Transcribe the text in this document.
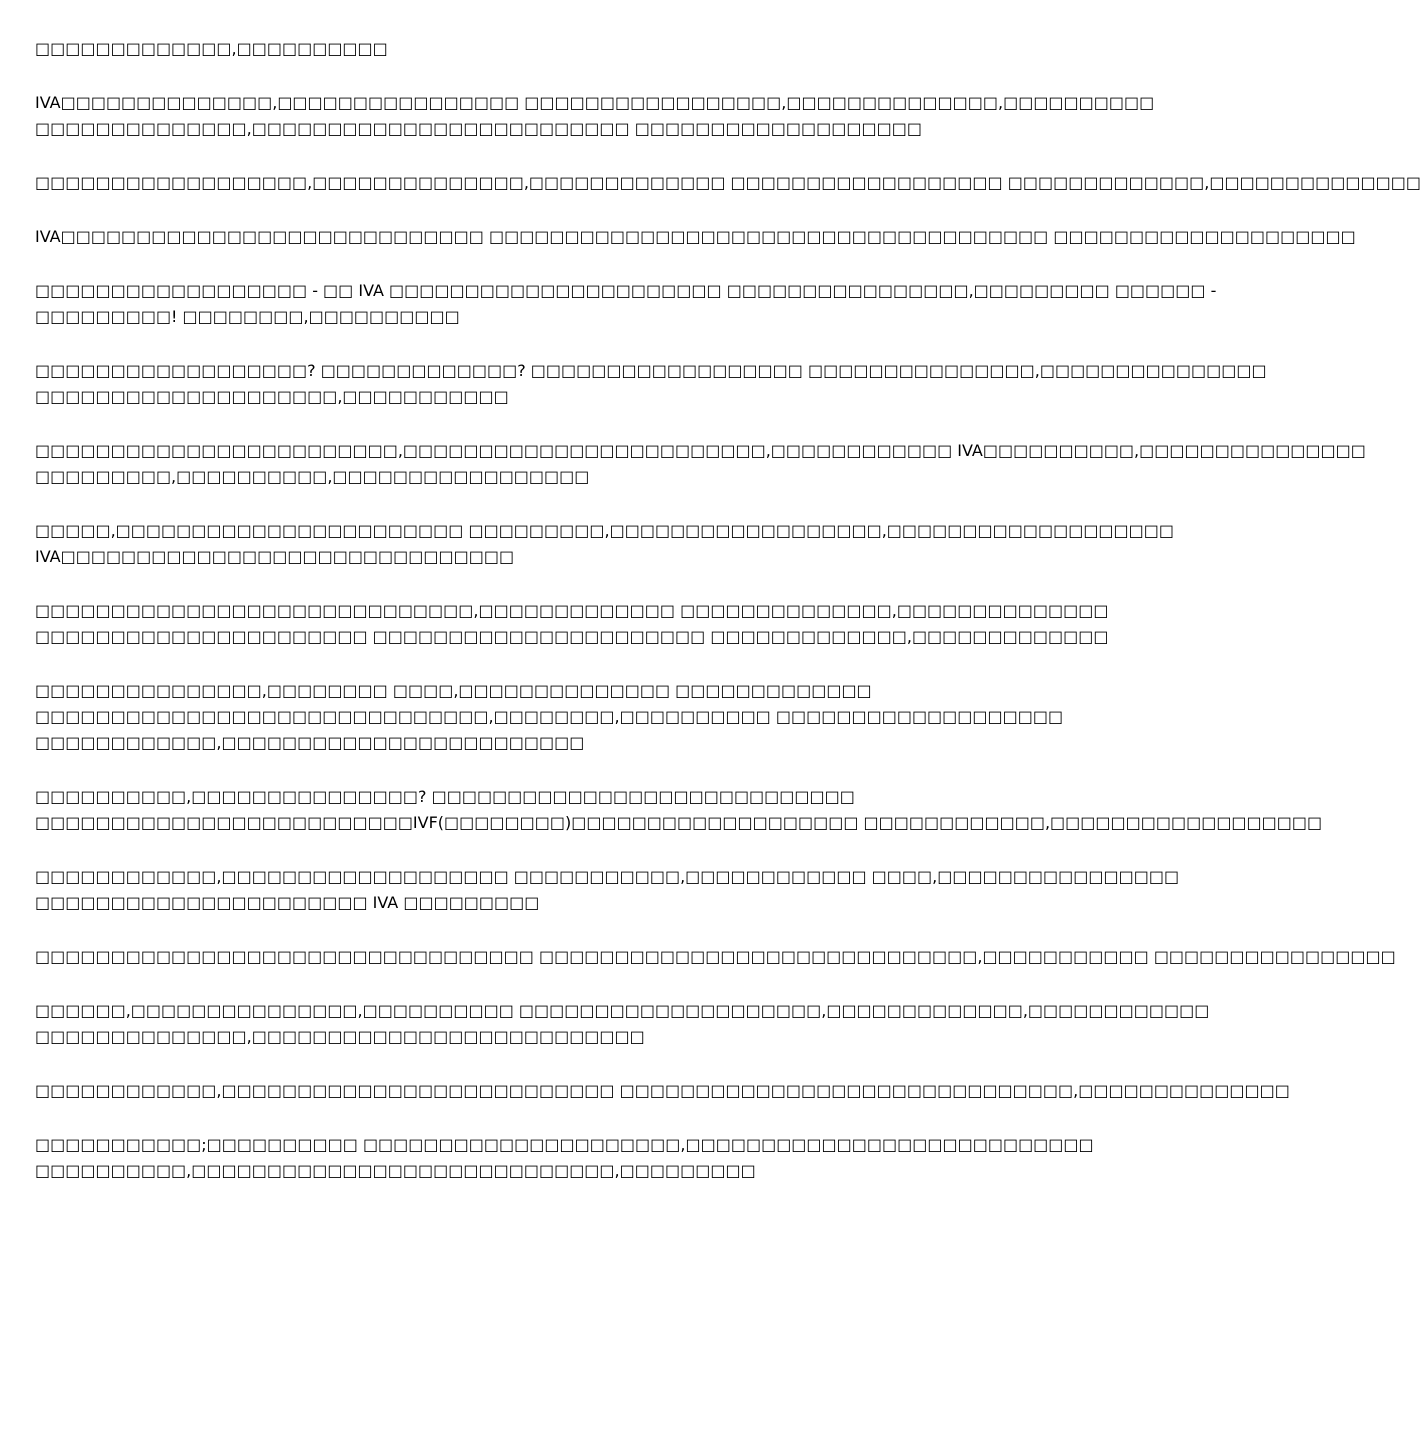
□□□□□□□□□□□□□,□□□□□□□□□□
IVA□□□□□□□□□□□□□□,□□□□□□□□□□□□□□□□ □□□□□□□□□□□□□□□□□,□□□□□□□□□□□□□□,□□□□□□□□□□
□□□□□□□□□□□□□□,□□□□□□□□□□□□□□□□□□□□□□□□□ □□□□□□□□□□□□□□□□□□□
□□□□□□□□□□□□□□□□□□,□□□□□□□□□□□□□□,□□□□□□□□□□□□□ □□□□□□□□□□□□□□□□□□ □□□□□□□□□□□□□,□□□□□□□□□□□□□□
IVA□□□□□□□□□□□□□□□□□□□□□□□□□□□□ □□□□□□□□□□□□□□□□□□□□□□□□□□□□□□□□□□□□□ □□□□□□□□□□□□□□□□□□□□
□□□□□□□□□□□□□□□□□□ - □□ IVA □□□□□□□□□□□□□□□□□□□□□□ □□□□□□□□□□□□□□□□,□□□□□□□□□ □□□□□□ -
□□□□□□□□□! □□□□□□□□,□□□□□□□□□□
□□□□□□□□□□□□□□□□□□? □□□□□□□□□□□□□? □□□□□□□□□□□□□□□□□□ □□□□□□□□□□□□□□□,□□□□□□□□□□□□□□□
□□□□□□□□□□□□□□□□□□□□,□□□□□□□□□□□
□□□□□□□□□□□□□□□□□□□□□□□□,□□□□□□□□□□□□□□□□□□□□□□□□,□□□□□□□□□□□□ IVA□□□□□□□□□□,□□□□□□□□□□□□□□□
□□□□□□□□□,□□□□□□□□□□,□□□□□□□□□□□□□□□□□
□□□□□,□□□□□□□□□□□□□□□□□□□□□□□ □□□□□□□□□,□□□□□□□□□□□□□□□□□□,□□□□□□□□□□□□□□□□□□□
IVA□□□□□□□□□□□□□□□□□□□□□□□□□□□□□□
□□□□□□□□□□□□□□□□□□□□□□□□□□□□□,□□□□□□□□□□□□□ □□□□□□□□□□□□□□,□□□□□□□□□□□□□□
□□□□□□□□□□□□□□□□□□□□□□ □□□□□□□□□□□□□□□□□□□□□□ □□□□□□□□□□□□□,□□□□□□□□□□□□□
□□□□□□□□□□□□□□□,□□□□□□□□ □□□□,□□□□□□□□□□□□□□ □□□□□□□□□□□□□
□□□□□□□□□□□□□□□□□□□□□□□□□□□□□□,□□□□□□□□,□□□□□□□□□□ □□□□□□□□□□□□□□□□□□□
□□□□□□□□□□□□,□□□□□□□□□□□□□□□□□□□□□□□□
□□□□□□□□□□,□□□□□□□□□□□□□□□? □□□□□□□□□□□□□□□□□□□□□□□□□□□□
□□□□□□□□□□□□□□□□□□□□□□□□□IVF(□□□□□□□□)□□□□□□□□□□□□□□□□□□□ □□□□□□□□□□□□,□□□□□□□□□□□□□□□□□□
□□□□□□□□□□□□,□□□□□□□□□□□□□□□□□□□ □□□□□□□□□□□,□□□□□□□□□□□□ □□□□,□□□□□□□□□□□□□□□□
□□□□□□□□□□□□□□□□□□□□□□ IVA □□□□□□□□□
□□□□□□□□□□□□□□□□□□□□□□□□□□□□□□□□□ □□□□□□□□□□□□□□□□□□□□□□□□□□□□□,□□□□□□□□□□□ □□□□□□□□□□□□□□□□
□□□□□□,□□□□□□□□□□□□□□□,□□□□□□□□□□ □□□□□□□□□□□□□□□□□□□□,□□□□□□□□□□□□□,□□□□□□□□□□□□
□□□□□□□□□□□□□□,□□□□□□□□□□□□□□□□□□□□□□□□□□
□□□□□□□□□□□□,□□□□□□□□□□□□□□□□□□□□□□□□□□ □□□□□□□□□□□□□□□□□□□□□□□□□□□□□□,□□□□□□□□□□□□□□
□□□□□□□□□□□;□□□□□□□□□□ □□□□□□□□□□□□□□□□□□□□□,□□□□□□□□□□□□□□□□□□□□□□□□□□□
□□□□□□□□□□,□□□□□□□□□□□□□□□□□□□□□□□□□□□□,□□□□□□□□□
